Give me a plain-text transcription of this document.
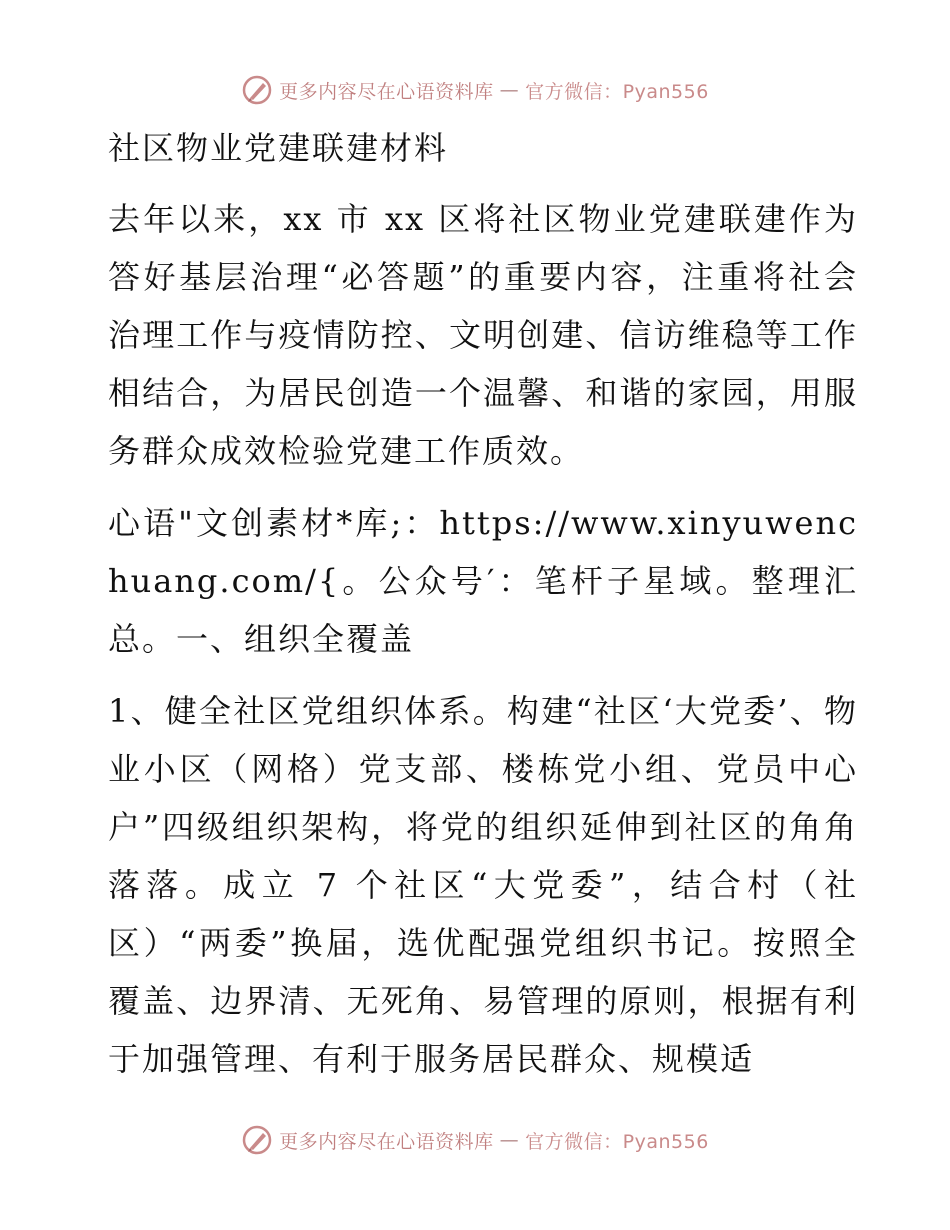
更多内容尽在心语资料库 — 官方微信：Pyan556
社区物业党建联建材料

去年以来，xx 市 xx 区将社区物业党建联建作为答好基层治理“必答题”的重要内容，注重将社会治理工作与疫情防控、文明创建、信访维稳等工作相结合，为居民创造一个温馨、和谐的家园，用服务群众成效检验党建工作质效。

心语"文创素材*库;：https://www.xinyuwenchuang.com/{。公众号′：笔杆子星域。整理汇总。一、组织全覆盖

1、健全社区党组织体系。构建“社区‘大党委’、物业小区（网格）党支部、楼栋党小组、党员中心户”四级组织架构，将党的组织延伸到社区的角角落落。成立 7 个社区“大党委”，结合村（社区）“两委”换届，选优配强党组织书记。按照全覆盖、边界清、无死角、易管理的原则，根据有利于加强管理、有利于服务居民群众、规模适

更多内容尽在心语资料库 — 官方微信：Pyan556
